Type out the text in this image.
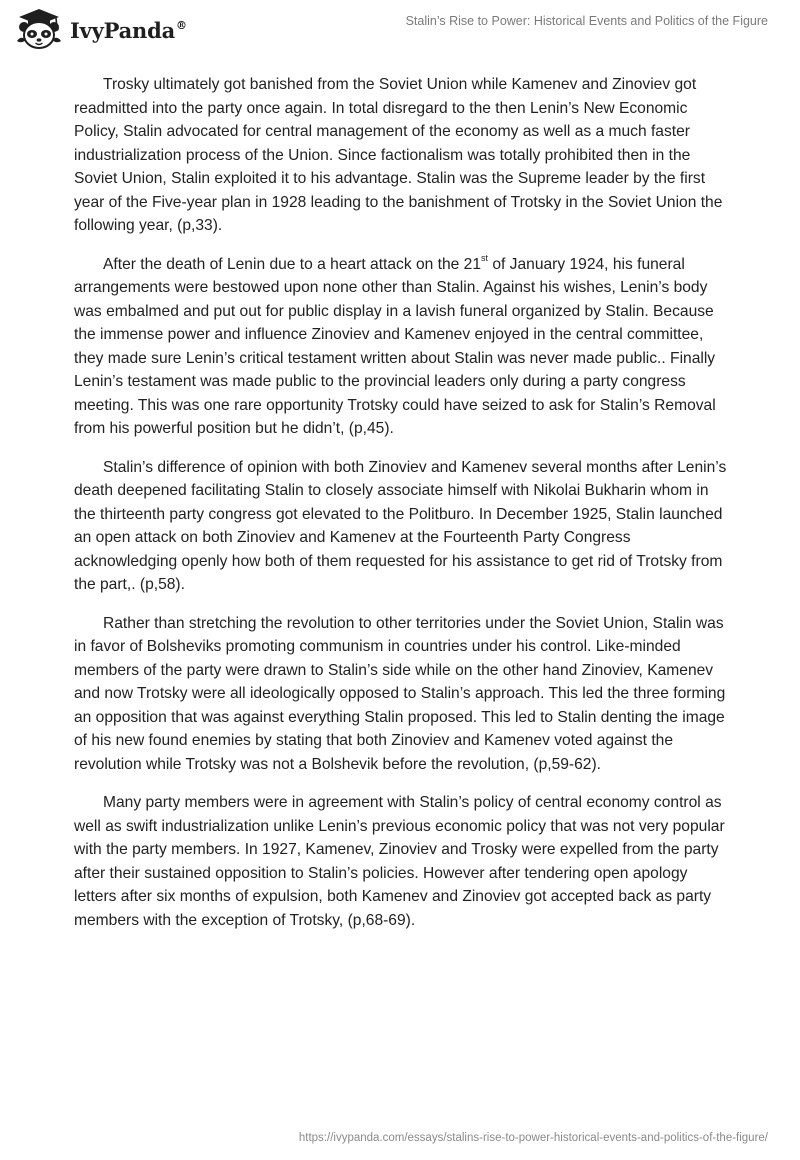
IvyPanda®	Stalin’s Rise to Power: Historical Events and Politics of the Figure

Trosky ultimately got banished from the Soviet Union while Kamenev and Zinoviev got readmitted into the party once again. In total disregard to the then Lenin’s New Economic Policy, Stalin advocated for central management of the economy as well as a much faster industrialization process of the Union. Since factionalism was totally prohibited then in the Soviet Union, Stalin exploited it to his advantage. Stalin was the Supreme leader by the first year of the Five-year plan in 1928 leading to the banishment of Trotsky in the Soviet Union the following year, (p,33).

After the death of Lenin due to a heart attack on the 21st of January 1924, his funeral arrangements were bestowed upon none other than Stalin. Against his wishes, Lenin’s body was embalmed and put out for public display in a lavish funeral organized by Stalin. Because the immense power and influence Zinoviev and Kamenev enjoyed in the central committee, they made sure Lenin’s critical testament written about Stalin was never made public.. Finally Lenin’s testament was made public to the provincial leaders only during a party congress meeting. This was one rare opportunity Trotsky could have seized to ask for Stalin’s Removal from his powerful position but he didn’t, (p,45).

Stalin’s difference of opinion with both Zinoviev and Kamenev several months after Lenin’s death deepened facilitating Stalin to closely associate himself with Nikolai Bukharin whom in the thirteenth party congress got elevated to the Politburo. In December 1925, Stalin launched an open attack on both Zinoviev and Kamenev at the Fourteenth Party Congress acknowledging openly how both of them requested for his assistance to get rid of Trotsky from the part,. (p,58).

Rather than stretching the revolution to other territories under the Soviet Union, Stalin was in favor of Bolsheviks promoting communism in countries under his control. Like-minded members of the party were drawn to Stalin’s side while on the other hand Zinoviev, Kamenev and now Trotsky were all ideologically opposed to Stalin’s approach. This led the three forming an opposition that was against everything Stalin proposed. This led to Stalin denting the image of his new found enemies by stating that both Zinoviev and Kamenev voted against the revolution while Trotsky was not a Bolshevik before the revolution, (p,59-62).

Many party members were in agreement with Stalin’s policy of central economy control as well as swift industrialization unlike Lenin’s previous economic policy that was not very popular with the party members. In 1927, Kamenev, Zinoviev and Trosky were expelled from the party after their sustained opposition to Stalin’s policies. However after tendering open apology letters after six months of expulsion, both Kamenev and Zinoviev got accepted back as party members with the exception of Trotsky, (p,68-69).

https://ivypanda.com/essays/stalins-rise-to-power-historical-events-and-politics-of-the-figure/
